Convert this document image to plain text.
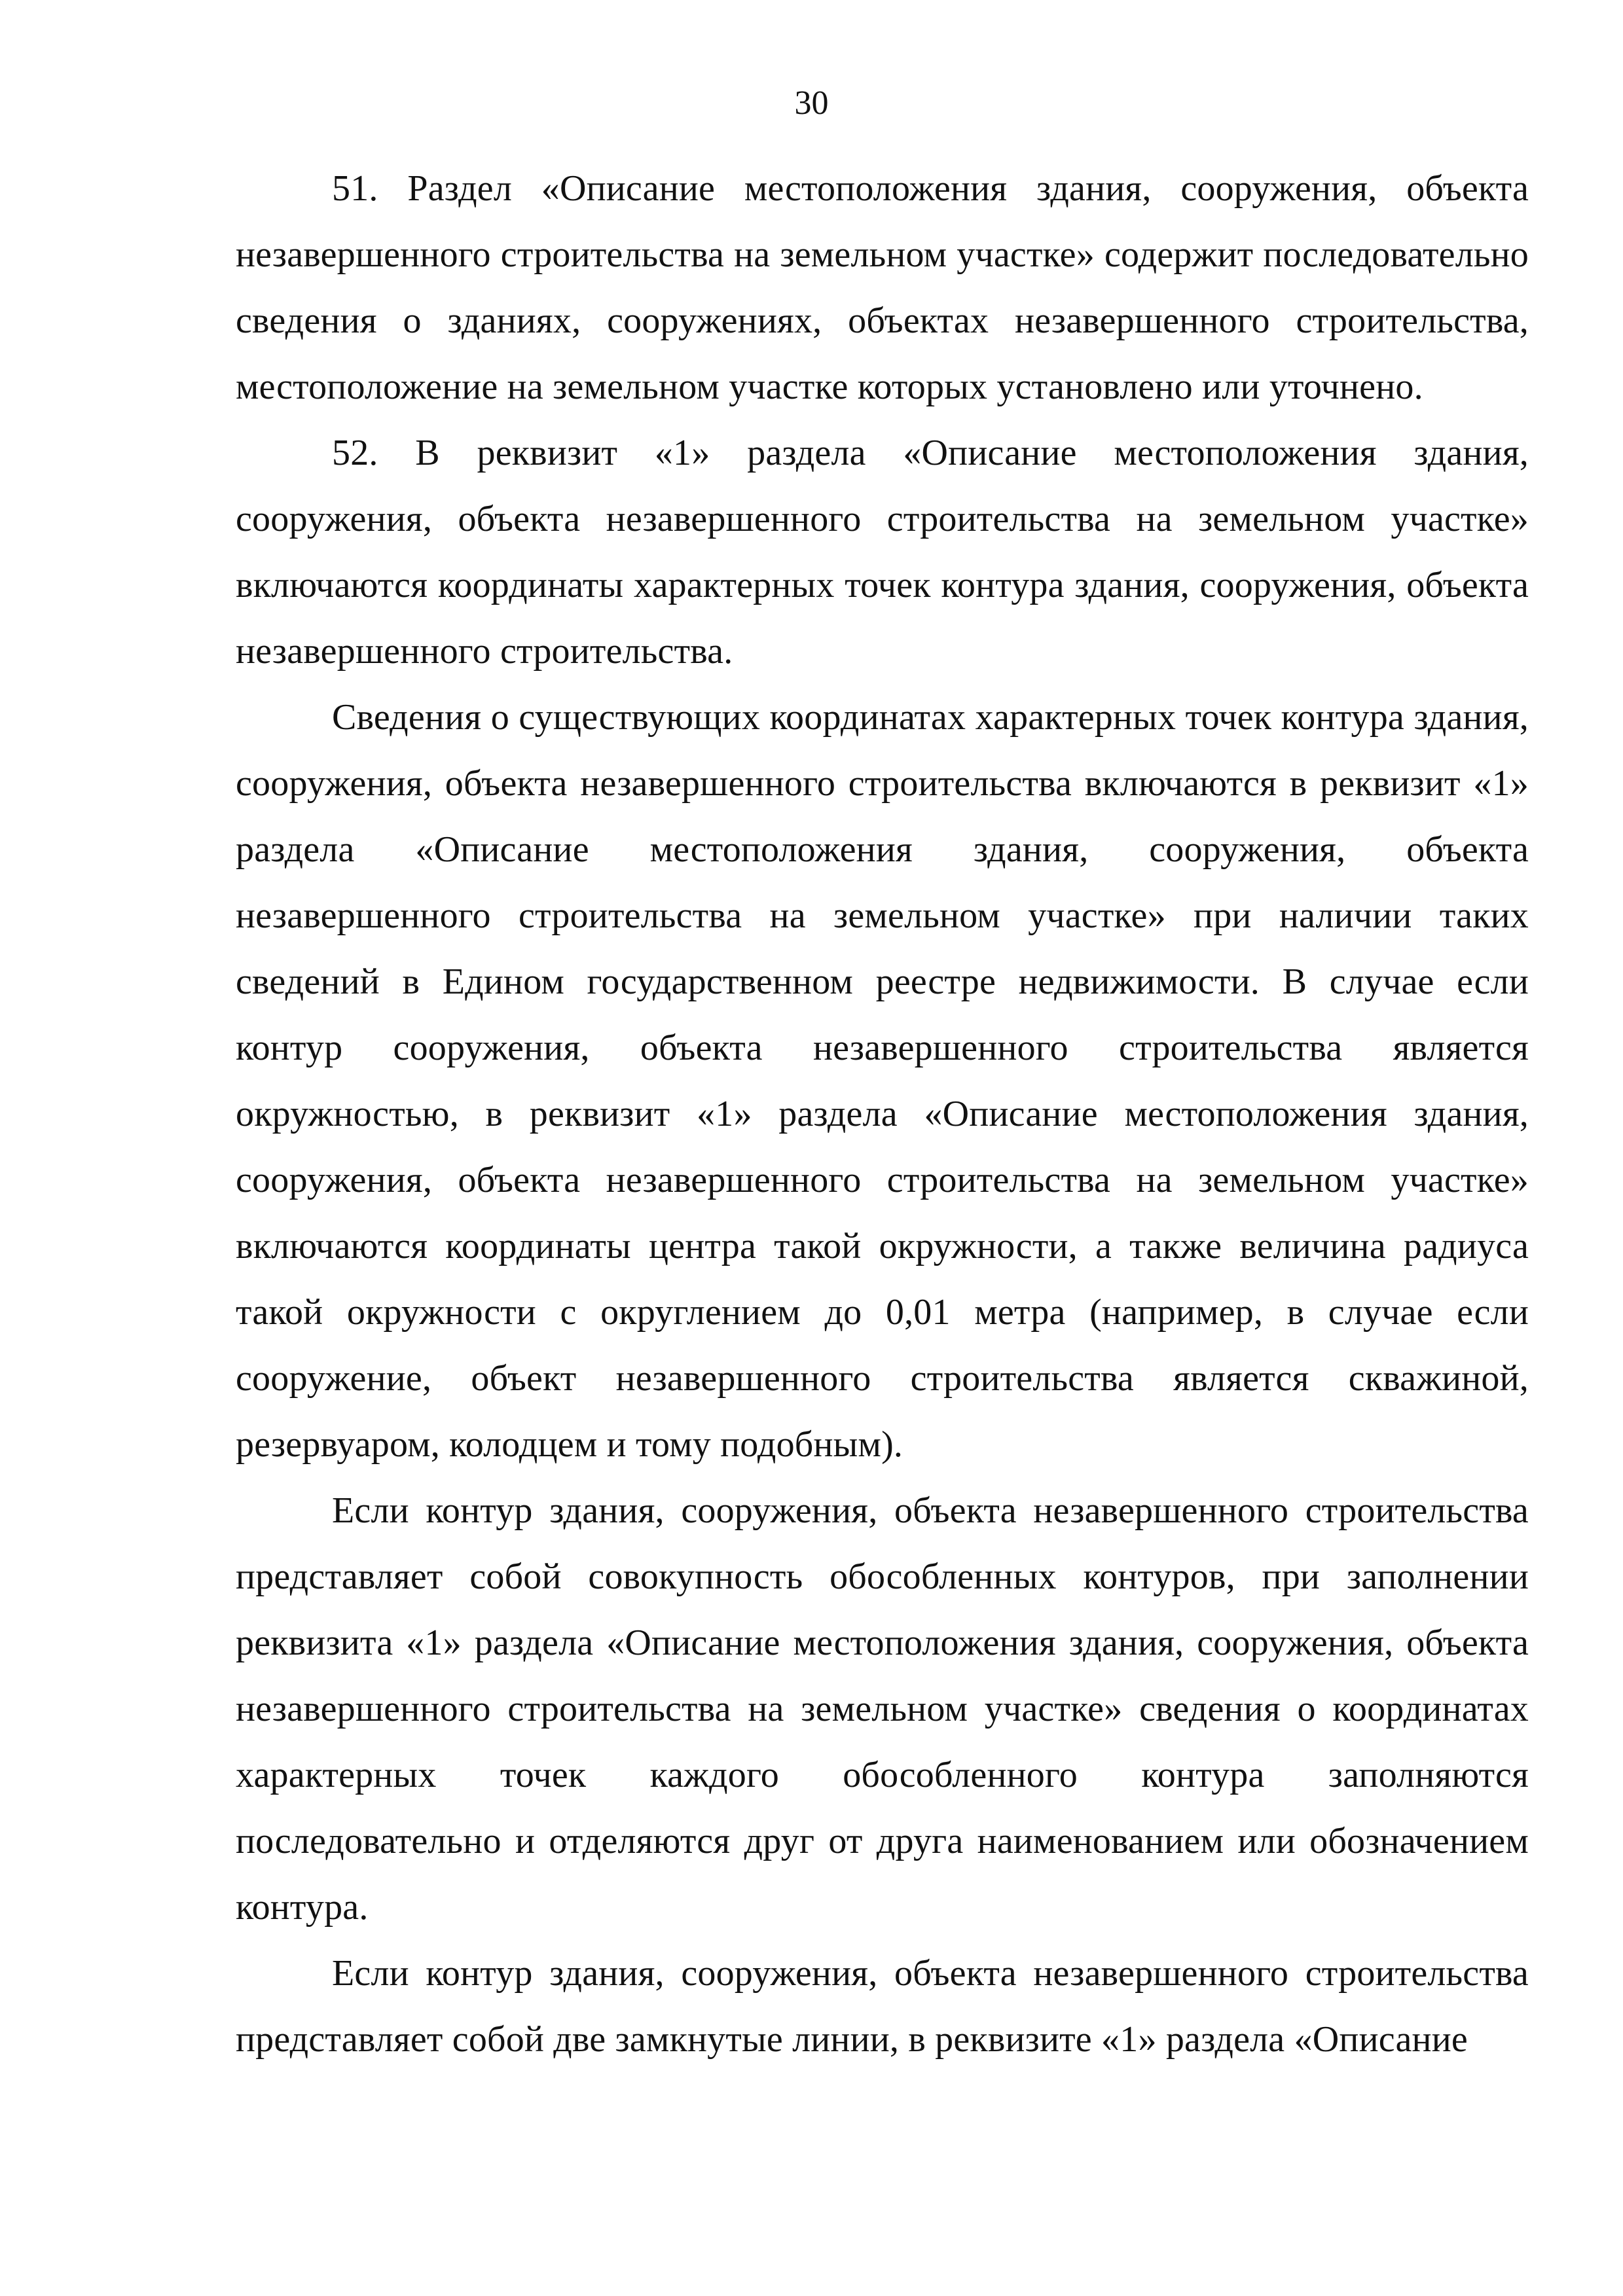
30

51. Раздел «Описание местоположения здания, сооружения, объекта незавершенного строительства на земельном участке» содержит последовательно сведения о зданиях, сооружениях, объектах незавершенного строительства, местоположение на земельном участке которых установлено или уточнено.

52. В реквизит «1» раздела «Описание местоположения здания, сооружения, объекта незавершенного строительства на земельном участке» включаются координаты характерных точек контура здания, сооружения, объекта незавершенного строительства.

Сведения о существующих координатах характерных точек контура здания, сооружения, объекта незавершенного строительства включаются в реквизит «1» раздела «Описание местоположения здания, сооружения, объекта незавершенного строительства на земельном участке» при наличии таких сведений в Едином государственном реестре недвижимости. В случае если контур сооружения, объекта незавершенного строительства является окружностью, в реквизит «1» раздела «Описание местоположения здания, сооружения, объекта незавершенного строительства на земельном участке» включаются координаты центра такой окружности, а также величина радиуса такой окружности с округлением до 0,01 метра (например, в случае если сооружение, объект незавершенного строительства является скважиной, резервуаром, колодцем и тому подобным).

Если контур здания, сооружения, объекта незавершенного строительства представляет собой совокупность обособленных контуров, при заполнении реквизита «1» раздела «Описание местоположения здания, сооружения, объекта незавершенного строительства на земельном участке» сведения о координатах характерных точек каждого обособленного контура заполняются последовательно и отделяются друг от друга наименованием или обозначением контура.

Если контур здания, сооружения, объекта незавершенного строительства представляет собой две замкнутые линии, в реквизите «1» раздела «Описание
